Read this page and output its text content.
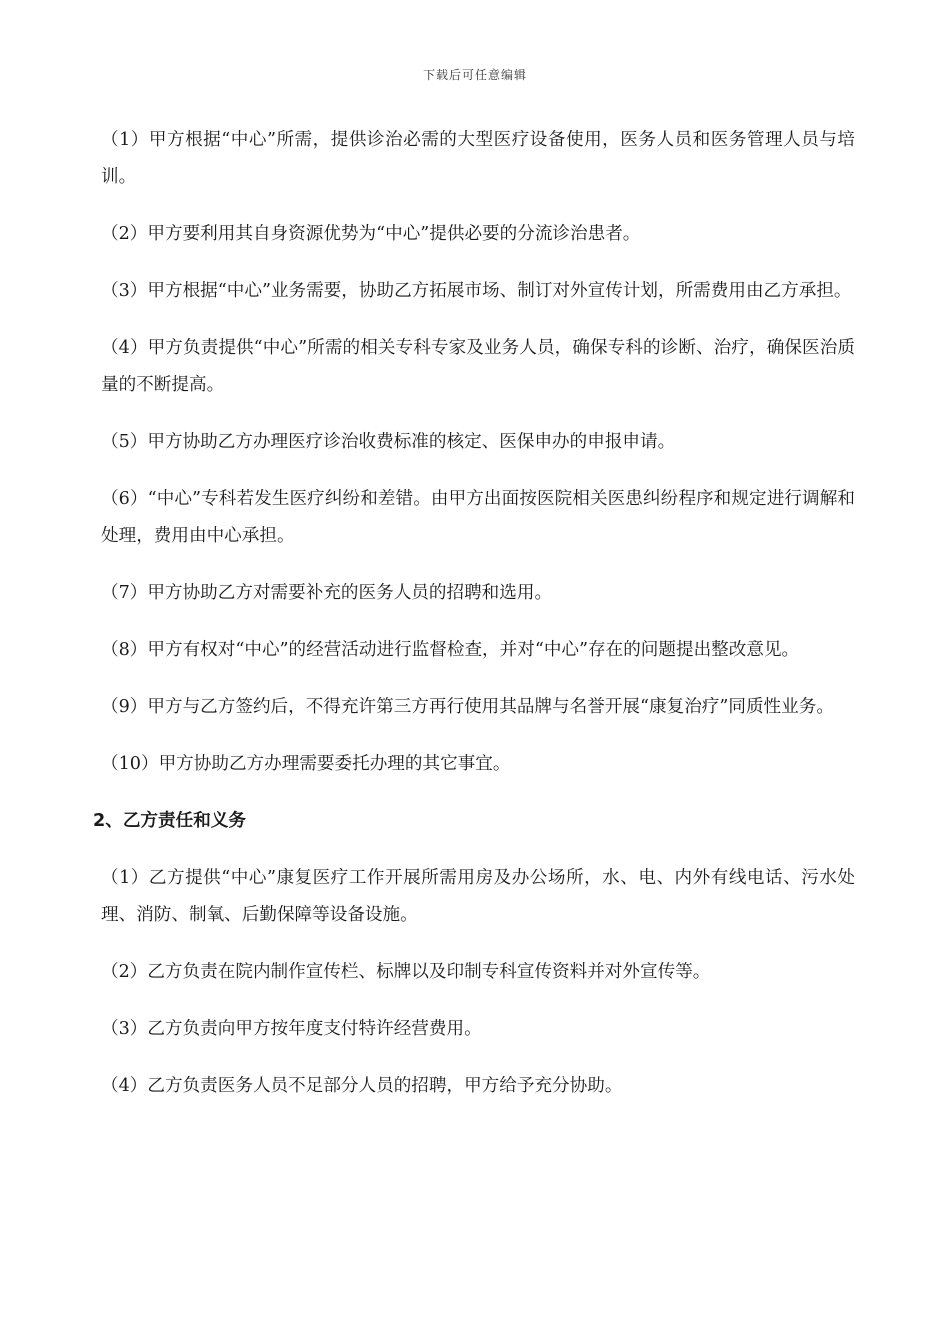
下载后可任意编辑

（1）甲方根据“中心”所需，提供诊治必需的大型医疗设备使用，医务人员和医务管理人员与培训。

（2）甲方要利用其自身资源优势为“中心”提供必要的分流诊治患者。

（3）甲方根据“中心”业务需要，协助乙方拓展市场、制订对外宣传计划，所需费用由乙方承担。

（4）甲方负责提供“中心”所需的相关专科专家及业务人员，确保专科的诊断、治疗，确保医治质量的不断提高。

（5）甲方协助乙方办理医疗诊治收费标准的核定、医保申办的申报申请。

（6）“中心”专科若发生医疗纠纷和差错。由甲方出面按医院相关医患纠纷程序和规定进行调解和处理，费用由中心承担。

（7）甲方协助乙方对需要补充的医务人员的招聘和选用。

（8）甲方有权对“中心”的经营活动进行监督检查，并对“中心”存在的问题提出整改意见。

（9）甲方与乙方签约后，不得充许第三方再行使用其品牌与名誉开展“康复治疗”同质性业务。

（10）甲方协助乙方办理需要委托办理的其它事宜。

2、乙方责任和义务

（1）乙方提供“中心”康复医疗工作开展所需用房及办公场所，水、电、内外有线电话、污水处理、消防、制氧、后勤保障等设备设施。

（2）乙方负责在院内制作宣传栏、标牌以及印制专科宣传资料并对外宣传等。

（3）乙方负责向甲方按年度支付特许经营费用。

（4）乙方负责医务人员不足部分人员的招聘，甲方给予充分协助。
